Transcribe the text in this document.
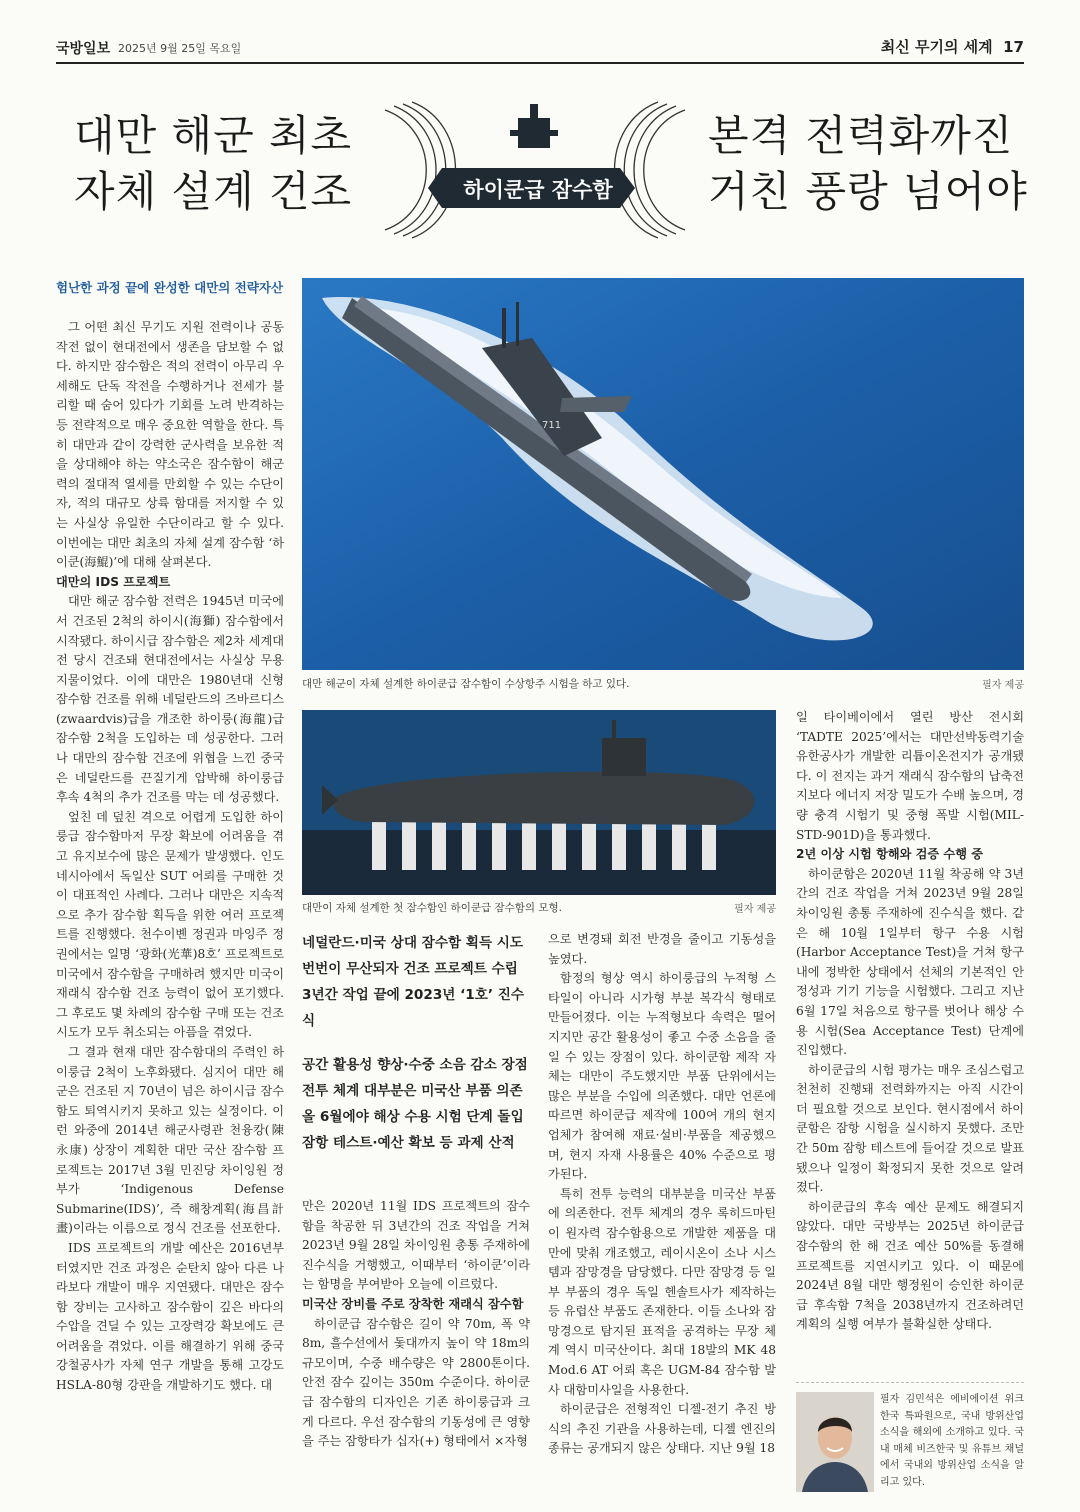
국방일보 2025년 9월 25일 목요일	최신 무기의 세계 17
대만 해군 최초
자체 설계 건조
본격 전력화까진
거친 풍랑 넘어야
하이쿤급 잠수함
험난한 과정 끝에 완성한 대만의 전략자산

그 어떤 최신 무기도 지원 전력이나 공동작전 없이 현대전에서 생존을 담보할 수 없다. 하지만 잠수함은 적의 전력이 아무리 우세해도 단독 작전을 수행하거나 전세가 불리할 때 숨어 있다가 기회를 노려 반격하는 등 전략적으로 매우 중요한 역할을 한다. 특히 대만과 같이 강력한 군사력을 보유한 적을 상대해야 하는 약소국은 잠수함이 해군력의 절대적 열세를 만회할 수 있는 수단이자, 적의 대규모 상륙 함대를 저지할 수 있는 사실상 유일한 수단이라고 할 수 있다. 이번에는 대만 최초의 자체 설계 잠수함 ‘하이쿤(海鯤)’에 대해 살펴본다.

대만의 IDS 프로젝트

대만 해군 잠수함 전력은 1945년 미국에서 건조된 2척의 하이시(海獅) 잠수함에서 시작됐다. 하이시급 잠수함은 제2차 세계대전 당시 건조돼 현대전에서는 사실상 무용지물이었다. 이에 대만은 1980년대 신형 잠수함 건조를 위해 네덜란드의 즈바르디스(zwaardvis)급을 개조한 하이룽(海龍)급 잠수함 2척을 도입하는 데 성공한다. 그러나 대만의 잠수함 건조에 위협을 느낀 중국은 네덜란드를 끈질기게 압박해 하이룽급 후속 4척의 추가 건조를 막는 데 성공했다.

엎친 데 덮친 격으로 어렵게 도입한 하이룽급 잠수함마저 무장 확보에 어려움을 겪고 유지보수에 많은 문제가 발생했다. 인도네시아에서 독일산 SUT 어뢰를 구매한 것이 대표적인 사례다. 그러나 대만은 지속적으로 추가 잠수함 획득을 위한 여러 프로젝트를 진행했다. 천수이볜 정권과 마잉주 정권에서는 일명 ‘광화(光華)8호’ 프로젝트로 미국에서 잠수함을 구매하려 했지만 미국이 재래식 잠수함 건조 능력이 없어 포기했다. 그 후로도 몇 차례의 잠수함 구매 또는 건조 시도가 모두 취소되는 아픔을 겪었다.

그 결과 현재 대만 잠수함대의 주력인 하이룽급 2척이 노후화됐다. 심지어 대만 해군은 건조된 지 70년이 넘은 하이시급 잠수함도 퇴역시키지 못하고 있는 실정이다. 이런 와중에 2014년 해군사령관 천융캉(陳永康) 상장이 계획한 대만 국산 잠수함 프로젝트는 2017년 3월 민진당 차이잉원 정부가 ‘Indigenous Defense Submarine(IDS)’, 즉 해창계획(海昌計畫)이라는 이름으로 정식 건조를 선포한다.

IDS 프로젝트의 개발 예산은 2016년부터였지만 건조 과정은 순탄치 않아 다른 나라보다 개발이 매우 지연됐다. 대만은 잠수함 장비는 고사하고 잠수함이 깊은 바다의 수압을 견딜 수 있는 고장력강 확보에도 큰 어려움을 겪었다. 이를 해결하기 위해 중국강철공사가 자체 연구 개발을 통해 고강도 HSLA-80형 강판을 개발하기도 했다. 대

711
대만 해군이 자체 설계한 하이쿤급 잠수함이 수상항주 시험을 하고 있다.	필자 제공
대만이 자체 설계한 첫 잠수함인 하이쿤급 잠수함의 모형.	필자 제공
네덜란드·미국 상대 잠수함 획득 시도
번번이 무산되자 건조 프로젝트 수립
3년간 작업 끝에 2023년 ‘1호’ 진수식
공간 활용성 향상·수중 소음 감소 장점
전투 체계 대부분은 미국산 부품 의존
올 6월에야 해상 수용 시험 단계 돌입
잠항 테스트·예산 확보 등 과제 산적

만은 2020년 11월 IDS 프로젝트의 잠수함을 착공한 뒤 3년간의 건조 작업을 거쳐 2023년 9월 28일 차이잉원 총통 주재하에 진수식을 거행했고, 이때부터 ‘하이쿤’이라는 함명을 부여받아 오늘에 이르렀다.

미국산 장비를 주로 장착한 재래식 잠수함

하이쿤급 잠수함은 길이 약 70m, 폭 약 8m, 흘수선에서 돛대까지 높이 약 18m의 규모이며, 수중 배수량은 약 2800톤이다. 안전 잠수 깊이는 350m 수준이다. 하이쿤급 잠수함의 디자인은 기존 하이룽급과 크게 다르다. 우선 잠수함의 기동성에 큰 영향을 주는 잠항타가 십자(+) 형태에서 ×자형

으로 변경돼 회전 반경을 줄이고 기동성을 높였다.

함정의 형상 역시 하이룽급의 누적형 스타일이 아니라 시가형 부분 복각식 형태로 만들어졌다. 이는 누적형보다 속력은 떨어지지만 공간 활용성이 좋고 수중 소음을 줄일 수 있는 장점이 있다. 하이쿤함 제작 자체는 대만이 주도했지만 부품 단위에서는 많은 부분을 수입에 의존했다. 대만 언론에 따르면 하이쿤급 제작에 100여 개의 현지 업체가 참여해 재료·설비·부품을 제공했으며, 현지 자재 사용률은 40% 수준으로 평가된다.

특히 전투 능력의 대부분을 미국산 부품에 의존한다. 전투 체계의 경우 록히드마틴이 원자력 잠수함용으로 개발한 제품을 대만에 맞춰 개조했고, 레이시온이 소나 시스템과 잠망경을 담당했다. 다만 잠망경 등 일부 부품의 경우 독일 헨솔트사가 제작하는 등 유럽산 부품도 존재한다. 이들 소나와 잠망경으로 탐지된 표적을 공격하는 무장 체계 역시 미국산이다. 최대 18발의 MK 48 Mod.6 AT 어뢰 혹은 UGM-84 잠수함 발사 대함미사일을 사용한다.

하이쿤급은 전형적인 디젤-전기 추진 방식의 추진 기관을 사용하는데, 디젤 엔진의 종류는 공개되지 않은 상태다. 지난 9월 18

일 타이베이에서 열린 방산 전시회 ‘TADTE 2025’에서는 대만선박동력기술유한공사가 개발한 리튬이온전지가 공개됐다. 이 전지는 과거 재래식 잠수함의 납축전지보다 에너지 저장 밀도가 수배 높으며, 경량 충격 시험기 및 중형 폭발 시험(MIL-STD-901D)을 통과했다.

2년 이상 시험 항해와 검증 수행 중

하이쿤함은 2020년 11월 착공해 약 3년간의 건조 작업을 거쳐 2023년 9월 28일 차이잉원 총통 주재하에 진수식을 했다. 같은 해 10월 1일부터 항구 수용 시험(Harbor Acceptance Test)을 거쳐 항구 내에 정박한 상태에서 선체의 기본적인 안정성과 기기 기능을 시험했다. 그리고 지난 6월 17일 처음으로 항구를 벗어나 해상 수용 시험(Sea Acceptance Test) 단계에 진입했다.

하이쿤급의 시험 평가는 매우 조심스럽고 천천히 진행돼 전력화까지는 아직 시간이 더 필요할 것으로 보인다. 현시점에서 하이쿤함은 잠항 시험을 실시하지 못했다. 조만간 50m 잠항 테스트에 들어갈 것으로 발표됐으나 일정이 확정되지 못한 것으로 알려졌다.

하이쿤급의 후속 예산 문제도 해결되지 않았다. 대만 국방부는 2025년 하이쿤급 잠수함의 한 해 건조 예산 50%를 동결해 프로젝트를 지연시키고 있다. 이 때문에 2024년 8월 대만 행정원이 승인한 하이쿤급 후속함 7척을 2038년까지 건조하려던 계획의 실행 여부가 불확실한 상태다.

필자 김민석은 에비에이션 위크 한국 특파원으로, 국내 방위산업 소식을 해외에 소개하고 있다. 국내 매체 비즈한국 및 유튜브 채널에서 국내외 방위산업 소식을 알리고 있다.
